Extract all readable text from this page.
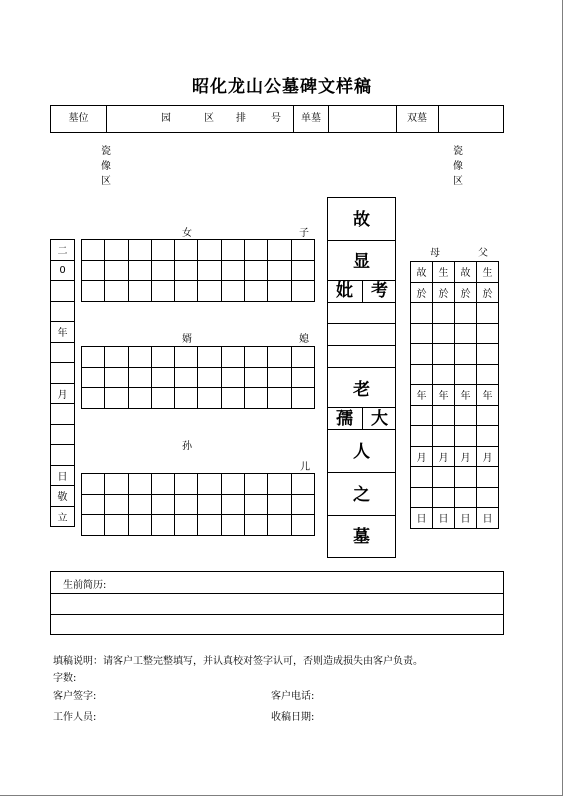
昭化龙山公墓碑文样稿
墓位	园	区	排	号	单墓	双墓
瓷
像
区
瓷
像
区
二
0

年

月

日
敬
立
女	子

婿	媳

孙
儿

故
显
妣 考
老
孺 大
人
之
墓
母	父
故	生	故	生
於	於	於	於

年	年	年	年

月	月	月	月

日	日	日	日
生前简历:
填稿说明：请客户工整完整填写，并认真校对签字认可，否则造成损失由客户负责。
字数:
客户签字:	客户电话:
工作人员:	收稿日期:
